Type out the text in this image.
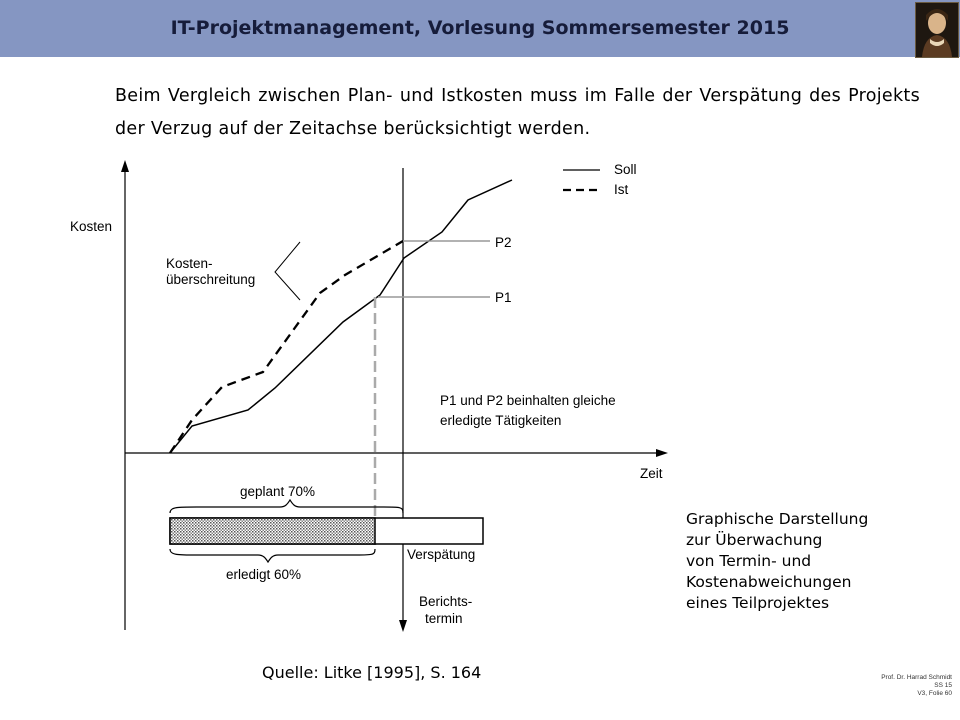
IT-Projektmanagement, Vorlesung Sommersemester 2015
Beim Vergleich zwischen Plan- und Istkosten muss im Falle der Verspätung des Projekts der Verzug auf der Zeitachse berücksichtigt werden.
Kosten
Zeit
Soll
Ist
P2
P1
Kosten-
überschreitung
P1 und P2 beinhalten gleiche
erledigte Tätigkeiten
geplant 70%
erledigt 60%
Verspätung
Berichts-
termin
Graphische Darstellung
zur Überwachung
von Termin- und
Kostenabweichungen
eines Teilprojektes
Quelle: Litke [1995], S. 164	Prof. Dr. Harrad Schmidt
SS 15
V3, Folie 60
